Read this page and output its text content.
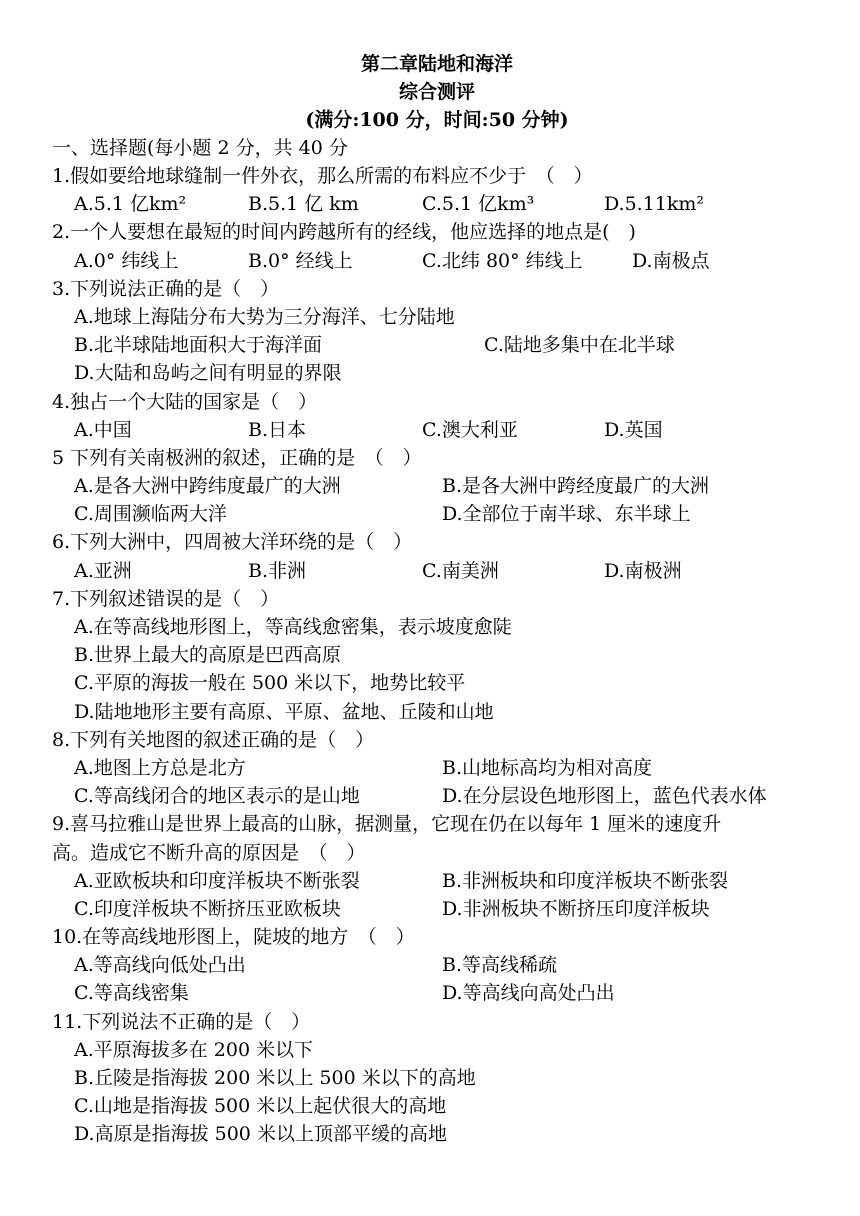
第二章陆地和海洋
综合测评
(满分:100 分，时间:50 分钟)
一、选择题(每小题 2 分，共 40 分
1.假如要给地球缝制一件外衣，那么所需的布料应不少于　（　）
A.5.1 亿km²	B.5.1 亿 km	C.5.1 亿km³	D.5.11km²
2.一个人要想在最短的时间内跨越所有的经线，他应选择的地点是(　)
A.0° 纬线上	B.0° 经线上	C.北纬 80° 纬线上	D.南极点
3.下列说法正确的是（　）
A.地球上海陆分布大势为三分海洋、七分陆地
B.北半球陆地面积大于海洋面	C.陆地多集中在北半球
D.大陆和岛屿之间有明显的界限
4.独占一个大陆的国家是（　）
A.中国	B.日本	C.澳大利亚	D.英国
5 下列有关南极洲的叙述，正确的是　（　）
A.是各大洲中跨纬度最广的大洲	B.是各大洲中跨经度最广的大洲
C.周围濒临两大洋	D.全部位于南半球、东半球上
6.下列大洲中，四周被大洋环绕的是（　）
A.亚洲	B.非洲	C.南美洲	D.南极洲
7.下列叙述错误的是（　）
A.在等高线地形图上，等高线愈密集，表示坡度愈陡
B.世界上最大的高原是巴西高原
C.平原的海拔一般在 500 米以下，地势比较平
D.陆地地形主要有高原、平原、盆地、丘陵和山地
8.下列有关地图的叙述正确的是（　）
A.地图上方总是北方	B.山地标高均为相对高度
C.等高线闭合的地区表示的是山地	D.在分层设色地形图上，蓝色代表水体
9.喜马拉雅山是世界上最高的山脉，据测量，它现在仍在以每年 1 厘米的速度升
高。造成它不断升高的原因是　（　）
A.亚欧板块和印度洋板块不断张裂	B.非洲板块和印度洋板块不断张裂
C.印度洋板块不断挤压亚欧板块	D.非洲板块不断挤压印度洋板块
10.在等高线地形图上，陡坡的地方　（　）
A.等高线向低处凸出	B.等高线稀疏
C.等高线密集	D.等高线向高处凸出
11.下列说法不正确的是（　）
A.平原海拔多在 200 米以下
B.丘陵是指海拔 200 米以上 500 米以下的高地
C.山地是指海拔 500 米以上起伏很大的高地
D.高原是指海拔 500 米以上顶部平缓的高地
